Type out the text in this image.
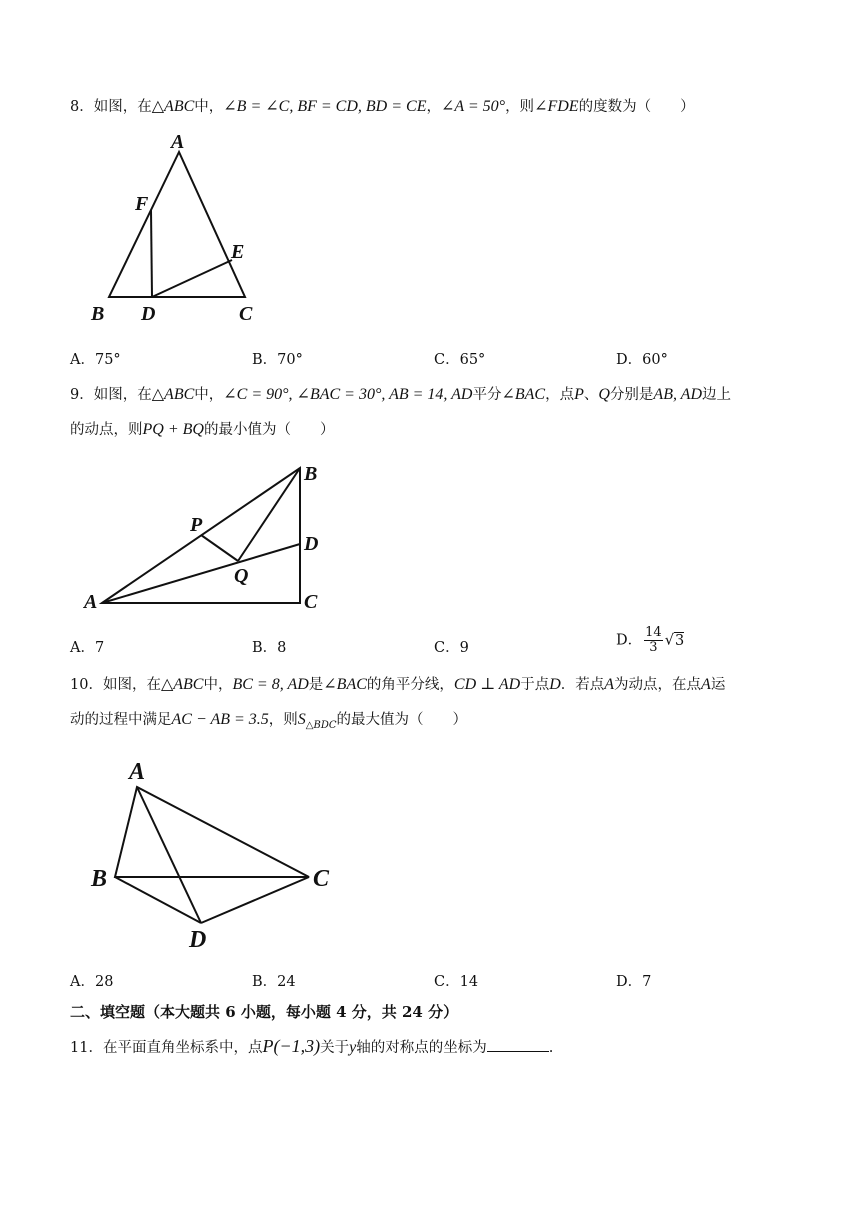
8．如图，在△ABC中，∠B = ∠C, BF = CD, BD = CE，∠A = 50°，则∠FDE的度数为（　　）
A
F
E
B D	C
A．75°	B．70°	C．65°	D．60°
9．如图，在△ABC中，∠C = 90°, ∠BAC = 30°, AB = 14, AD平分∠BAC，点P、Q分别是AB, AD边上
的动点，则PQ + BQ的最小值为（　　）
B
P
D
Q
A	C
A．7	B．8	C．9	D． $\frac{14}{3} √3$
10．如图，在△ABC中，BC = 8, AD是∠BAC的角平分线，CD ⊥ AD于点D．若点A为动点，在点A运
动的过程中满足AC − AB = 3.5，则$S_{\triangle BDC}$的最大值为（　　）
A
B	C
D
A．28	B．24	C．14	D．7
二、填空题（本大题共 6 小题，每小题 4 分，共 24 分）
11．在平面直角坐标系中，点P(−1,3)关于y轴的对称点的坐标为	.
